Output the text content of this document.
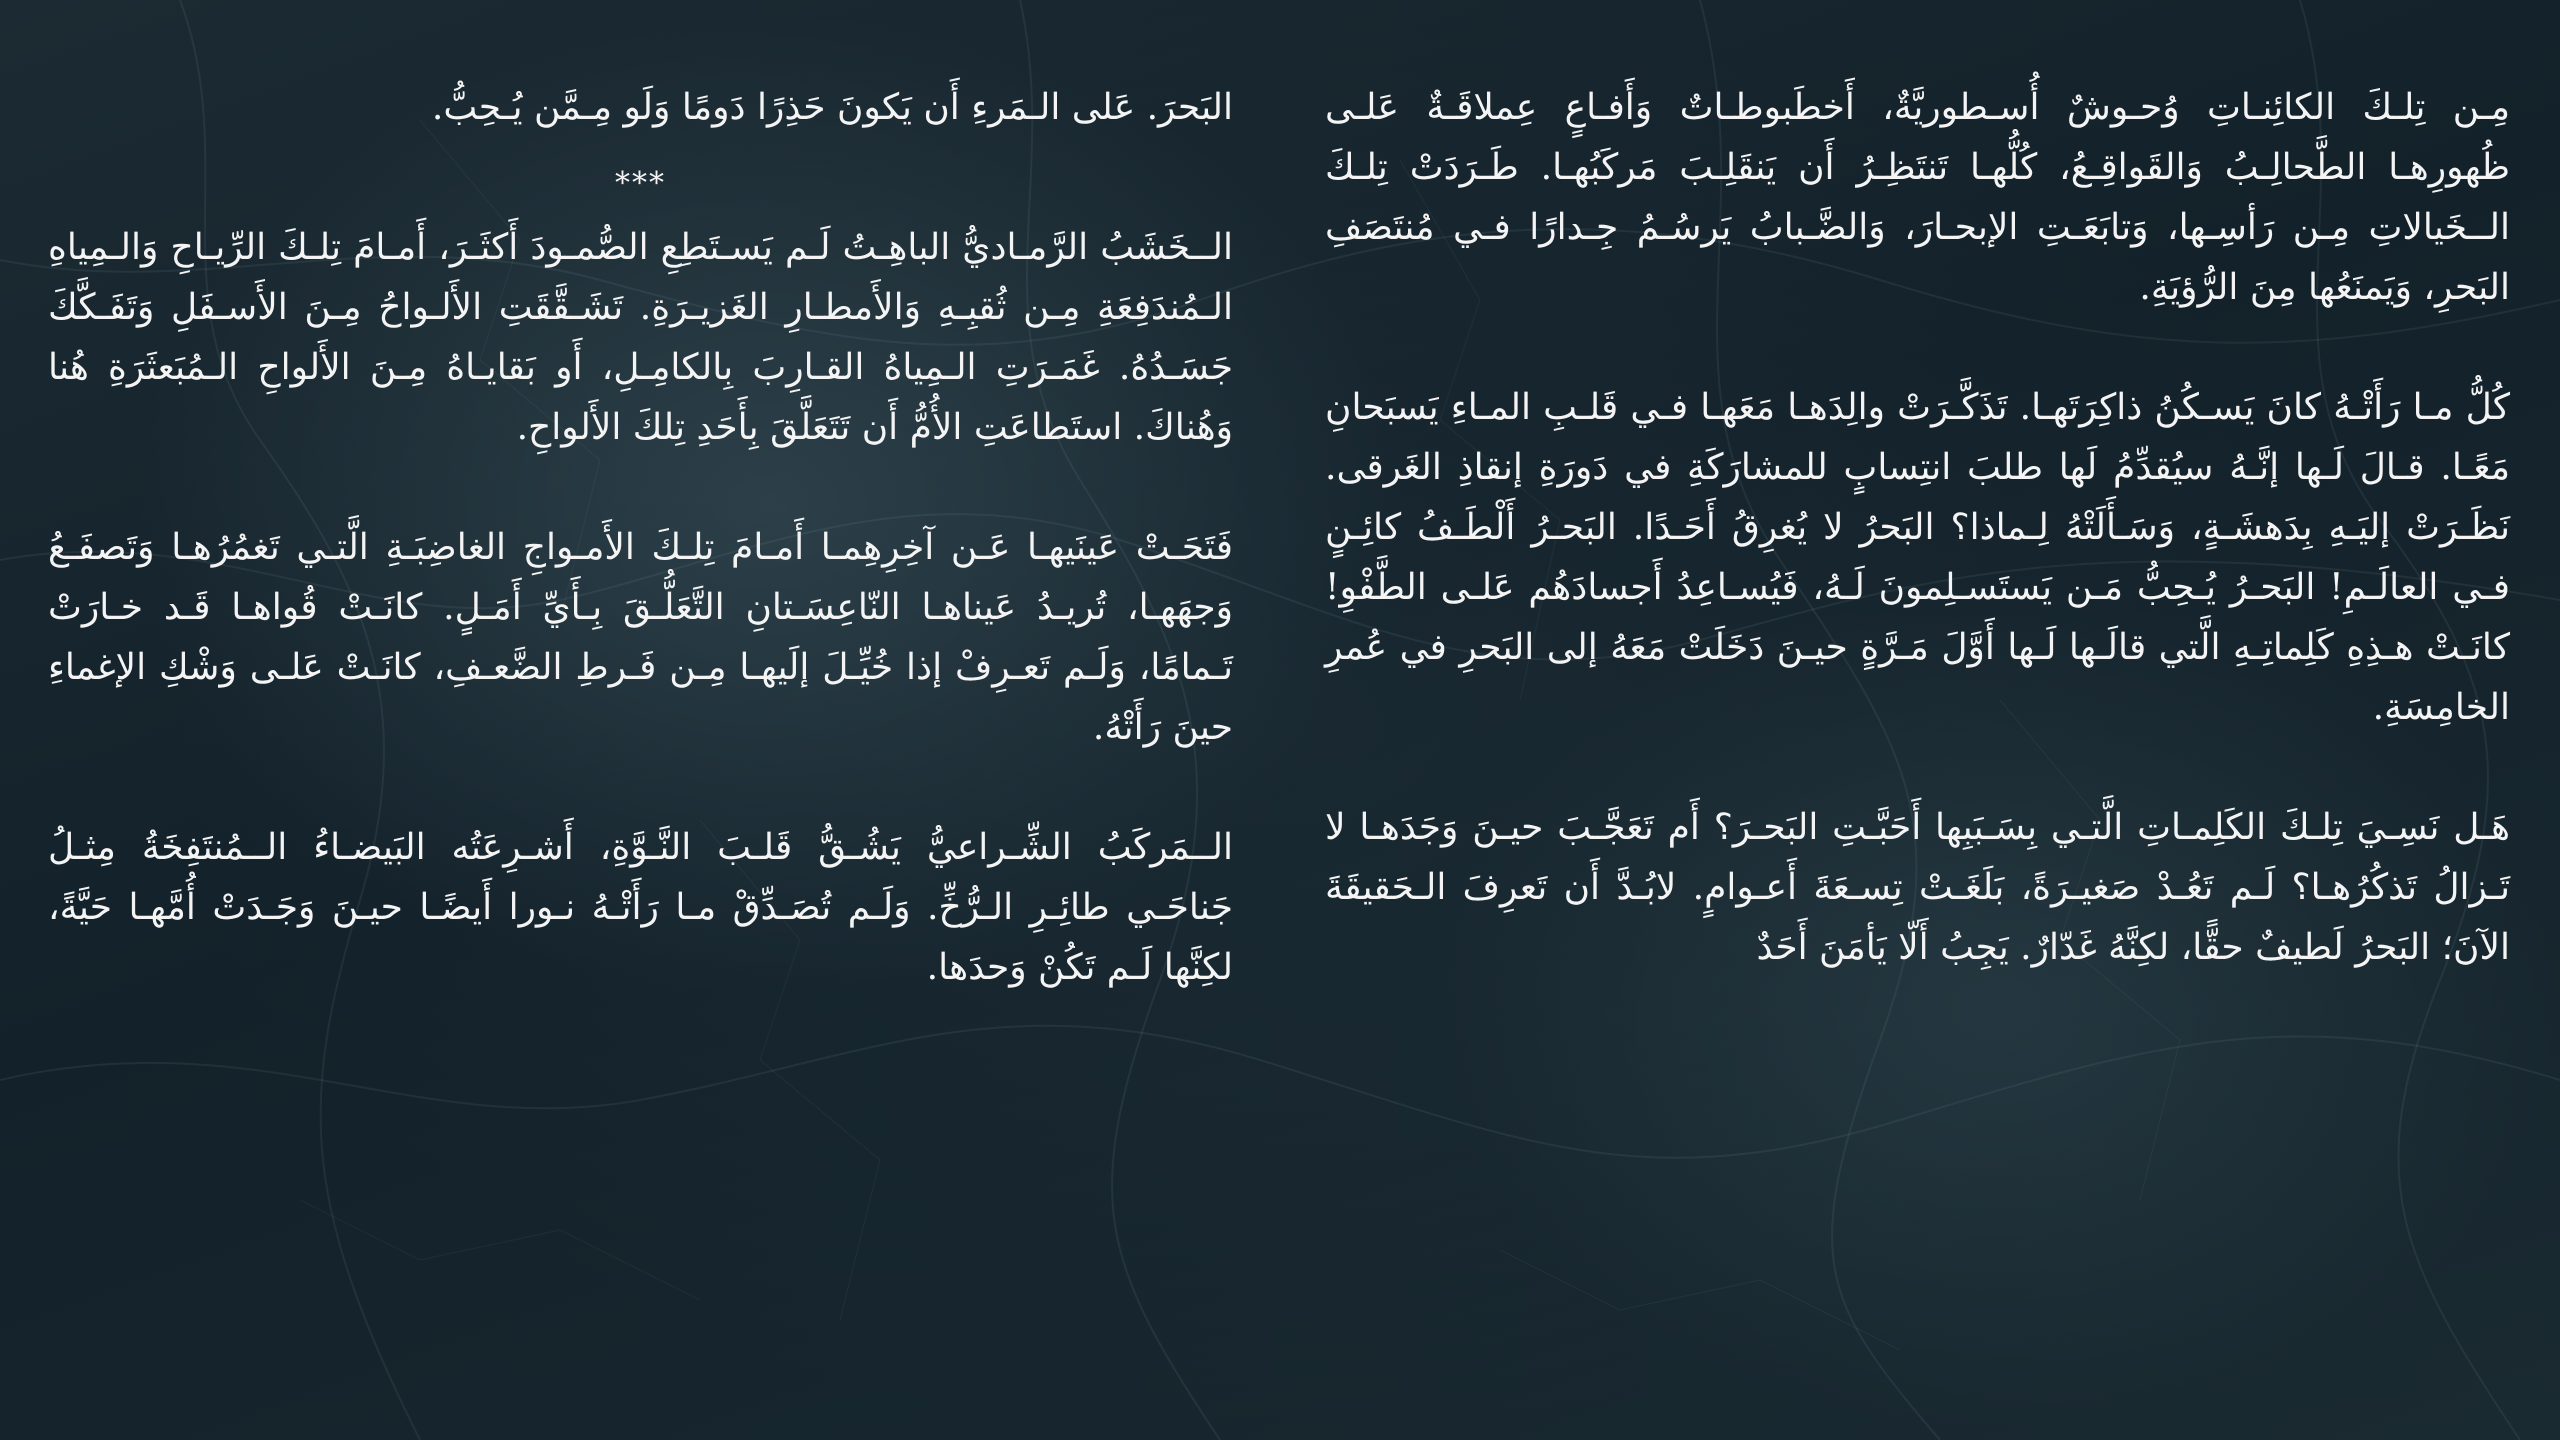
مِـن تِلـكَ الكائِنـاتِ وُحـوشٌ أُسـطوريَّةٌ، أَخطَبوطـاتٌ وَأَفـاعٍ عِملاقَـةٌ عَلـى ظُهورِهـا الطَّحالِـبُ وَالقَواقِـعُ، كُلُّهـا تَنتَظِـرُ أَن يَنقَلِـبَ مَركَبُهـا. طَـرَدَتْ تِلـكَ الــخَيالاتِ مِـن رَأسِـها، وَتابَعَـتِ الإبحـارَ، وَالضَّـبابُ يَرسُـمُ جِـدارًا فـي مُنتَصَفِ البَحرِ، وَيَمنَعُها مِنَ الرُّؤيَةِ.

كُلُّ مـا رَأَتْـهُ كانَ يَسـكُنُ ذاكِرَتَهـا. تَذَكَّـرَتْ والِدَهـا مَعَهـا فـي قَلـبِ المـاءِ يَسبَحانِ مَعًـا. قـالَ لَـها إنَّـهُ سيُقدِّمُ لَها طلبَ انتِسابٍ للمشارَكَةِ في دَورَةِ إنقاذِ الغَرقى. نَظَـرَتْ إليَـهِ بِدَهشَـةٍ، وَسَـأَلَتْهُ لِـماذا؟ البَحرُ لا يُغرِقُ أَحَـدًا. البَحـرُ أَلْطَـفُ كائِـنٍ فـي العالَـمِ! البَحـرُ يُـحِبُّ مَـن يَستَسـلِمونَ لَـهُ، فَيُسـاعِدُ أَجسادَهُم عَلـى الطَّفْوِ! كانَـتْ هـذِهِ كَلِماتِـهِ الَّتي قالَـها لَـها أَوَّلَ مَـرَّةٍ حيـنَ دَخَلَتْ مَعَهُ إلى البَحرِ في عُمرِ الخامِسَةِ.

هَـل نَسِـيَ تِلـكَ الكَلِمـاتِ الَّتـي بِسَـبَبِها أَحَبَّـتِ البَحـرَ؟ أَم تَعَجَّـبَ حيـنَ وَجَدَهـا لا تَـزالُ تَذكُرُهـا؟ لَـم تَعُـدْ صَغيـرَةً، بَلَغَـتْ تِسـعَةَ أَعـوامٍ. لابُـدَّ أَن تَعرِفَ الـحَقيقَةَ الآنَ؛ البَحرُ لَطيفٌ حقًّا، لكِنَّهُ غَدّارٌ. يَجِبُ أَلّا يَأمَنَ أَحَدٌ

البَحرَ. عَلى الـمَرءِ أَن يَكونَ حَذِرًا دَومًا وَلَو مِـمَّن يُـحِبُّ.

***

الــخَشَبُ الرَّمـاديُّ الباهِـتُ لَـم يَسـتَطِعِ الصُّمـودَ أَكثَـرَ، أَمـامَ تِلـكَ الرِّيـاحِ وَالـمِياهِ الـمُندَفِعَةِ مِـن ثُقبِـهِ وَالأَمطـارِ الغَزيـرَةِ. تَشَـقَّقَتِ الأَلـواحُ مِـنَ الأَسـفَلِ وَتَفَـكَّكَ جَسَـدُهُ. غَمَـرَتِ الـمِياهُ القـارِبَ بِالكامِـلِ، أَو بَقايـاهُ مِـنَ الأَلواحِ الـمُبَعثَرَةِ هُنا وَهُناكَ. استَطاعَتِ الأُمُّ أَن تَتَعَلَّقَ بِأَحَدِ تِلكَ الأَلواحِ.

فَتَحَـتْ عَينَيهـا عَـن آخِرِهِمـا أَمـامَ تِلـكَ الأَمـواجِ الغاضِبَـةِ الَّتـي تَغمُرُهـا وَتَصفَـعُ وَجهَهـا، تُريـدُ عَيناهـا النّاعِسَـتانِ التَّعَلُّـقَ بِـأَيِّ أَمَـلٍ. كانَـتْ قُواهـا قَـد خـارَتْ تَـمامًا، وَلَـم تَعـرِفْ إذا خُيِّـلَ إلَيهـا مِـن فَـرطِ الضَّعـفِ، كانَـتْ عَلـى وَشْكِ الإغماءِ حينَ رَأَتْهُ.

الــمَرکَبُ الشِّـراعيُّ يَشُـقُّ قَلـبَ النَّـوَّةِ، أَشـرِعَتُه البَيضـاءُ الــمُنتَفِخَةُ مِثـلُ جَناحَـي طائِـرِ الـرُّخِّ. وَلَـم تُصَـدِّقْ مـا رَأَتْـهُ نـورا أَيضًـا حيـنَ وَجَـدَتْ أُمَّهـا حَيَّةً، لكِنَّها لَـم تَكُنْ وَحدَها.
